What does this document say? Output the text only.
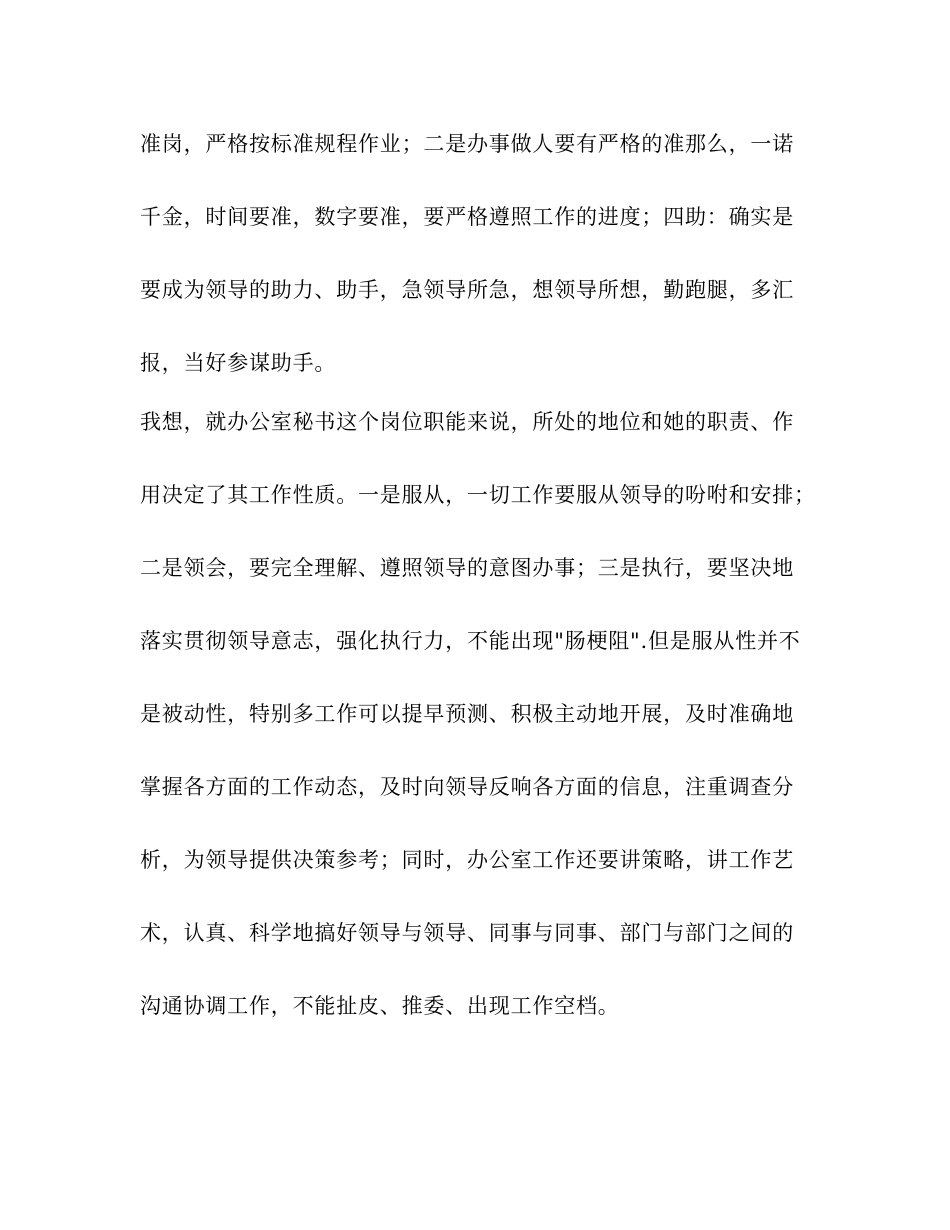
准岗，严格按标准规程作业；二是办事做人要有严格的准那么，一诺
千金，时间要准，数字要准，要严格遵照工作的进度；四助：确实是
要成为领导的助力、助手，急领导所急，想领导所想，勤跑腿，多汇
报，当好参谋助手。
我想，就办公室秘书这个岗位职能来说，所处的地位和她的职责、作
用决定了其工作性质。一是服从，一切工作要服从领导的吩咐和安排；
二是领会，要完全理解、遵照领导的意图办事；三是执行，要坚决地
落实贯彻领导意志，强化执行力，不能出现"肠梗阻".但是服从性并不
是被动性，特别多工作可以提早预测、积极主动地开展，及时准确地
掌握各方面的工作动态，及时向领导反响各方面的信息，注重调查分
析，为领导提供决策参考；同时，办公室工作还要讲策略，讲工作艺
术，认真、科学地搞好领导与领导、同事与同事、部门与部门之间的
沟通协调工作，不能扯皮、推委、出现工作空档。
